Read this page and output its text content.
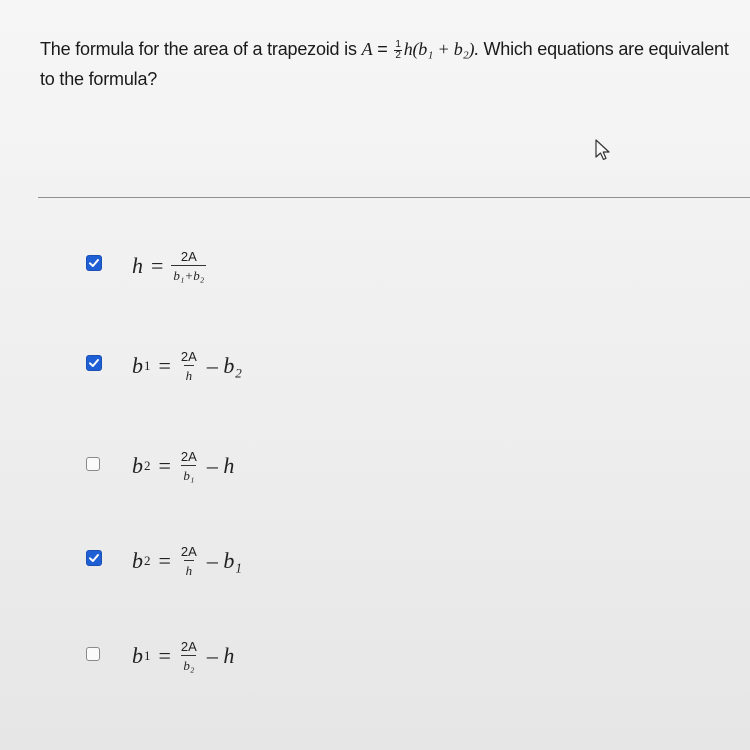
The formula for the area of a trapezoid is $A = \frac{1}{2} h(b_1 + b_2)$. Which equations are equivalent to the formula?
$h = \frac{2A}{\text{b₁+b₂}}$
b $1 = \frac{2A}{h} - b_2$
b $2 = \frac{2A}{\text{b₁}} - h$
b $2 = \frac{2A}{h} - b_1$
b $1 = \frac{2A}{\text{b₂}} - h$
